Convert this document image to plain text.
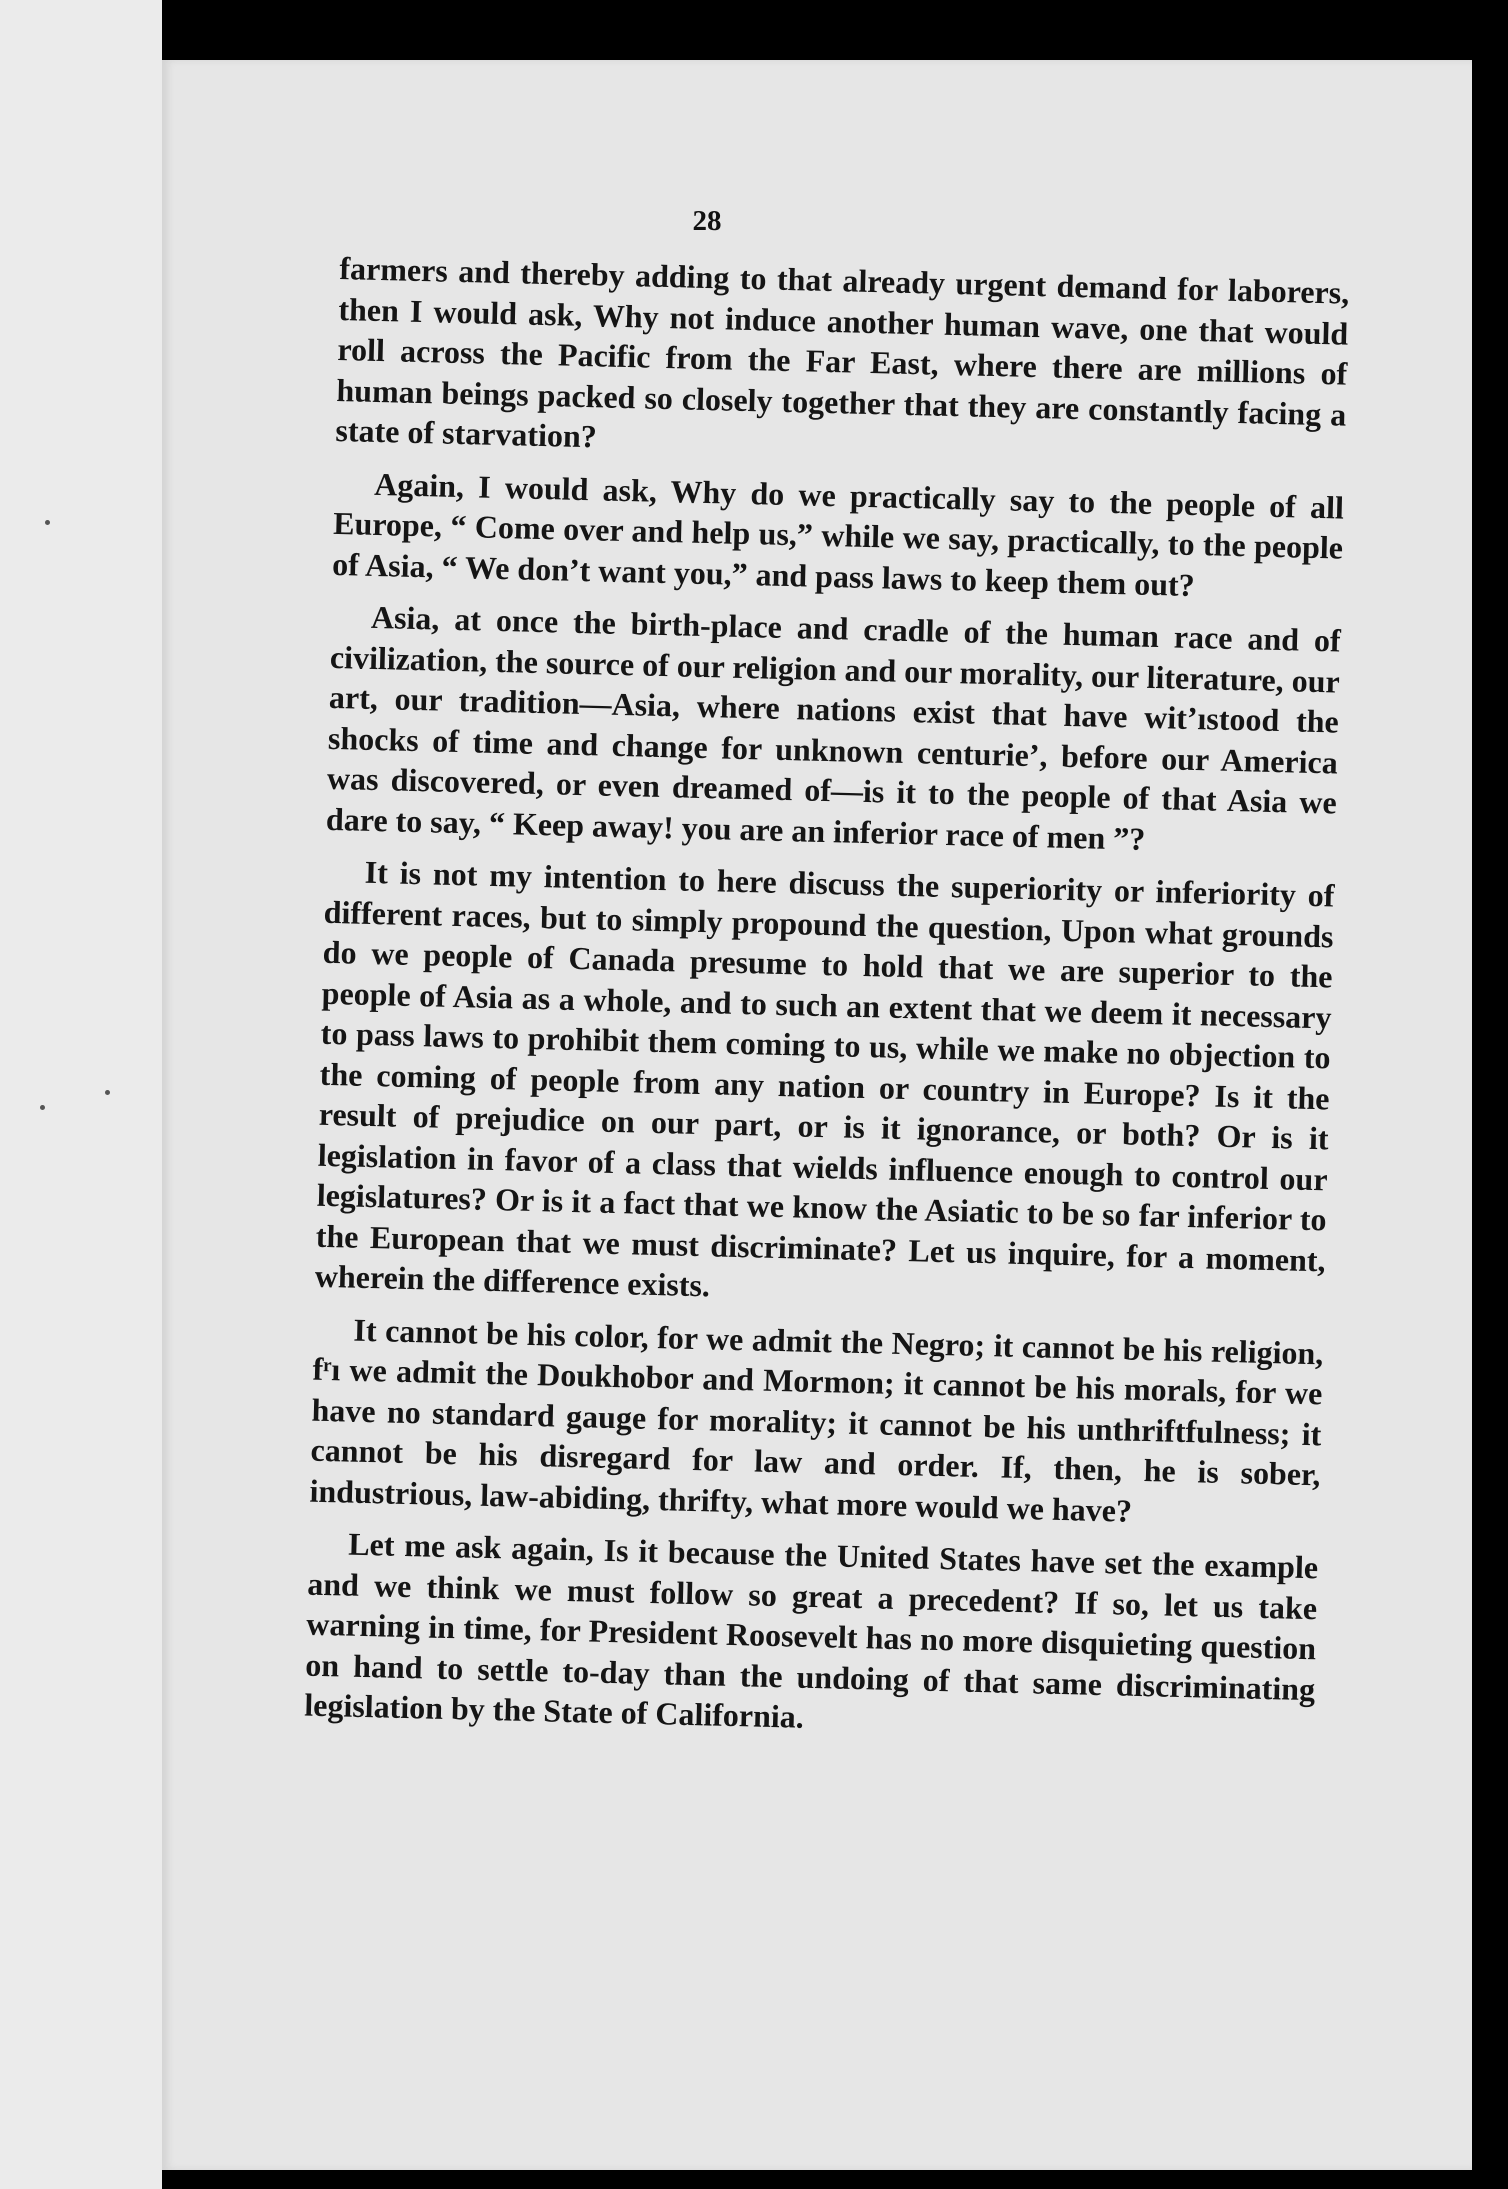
28

farmers and thereby adding to that already urgent demand for laborers, then I would ask, Why not induce another human wave, one that would roll across the Pacific from the Far East, where there are millions of human beings packed so closely together that they are constantly facing a state of starvation?

Again, I would ask, Why do we practically say to the people of all Europe, “ Come over and help us,” while we say, practically, to the people of Asia, “ We don’t want you,” and pass laws to keep them out?

Asia, at once the birth-place and cradle of the human race and of civilization, the source of our religion and our morality, our literature, our art, our tradition—Asia, where nations exist that have wit’ıstood the shocks of time and change for unknown centurie’, before our America was discovered, or even dreamed of—is it to the people of that Asia we dare to say, “ Keep away! you are an inferior race of men ”?

It is not my intention to here discuss the superiority or inferiority of different races, but to simply propound the question, Upon what grounds do we people of Canada presume to hold that we are superior to the people of Asia as a whole, and to such an extent that we deem it necessary to pass laws to prohibit them coming to us, while we make no objection to the coming of people from any nation or country in Europe? Is it the result of prejudice on our part, or is it ignorance, or both? Or is it legislation in favor of a class that wields influence enough to control our legislatures? Or is it a fact that we know the Asiatic to be so far inferior to the European that we must discriminate? Let us inquire, for a moment, wherein the difference exists.

It cannot be his color, for we admit the Negro; it cannot be his religion, fʳı we admit the Doukhobor and Mormon; it cannot be his morals, for we have no standard gauge for morality; it cannot be his unthriftfulness; it cannot be his disregard for law and order. If, then, he is sober, industrious, law-abiding, thrifty, what more would we have?

Let me ask again, Is it because the United States have set the example and we think we must follow so great a precedent? If so, let us take warning in time, for President Roosevelt has no more disquieting question on hand to settle to-day than the undoing of that same discriminating legislation by the State of California.
